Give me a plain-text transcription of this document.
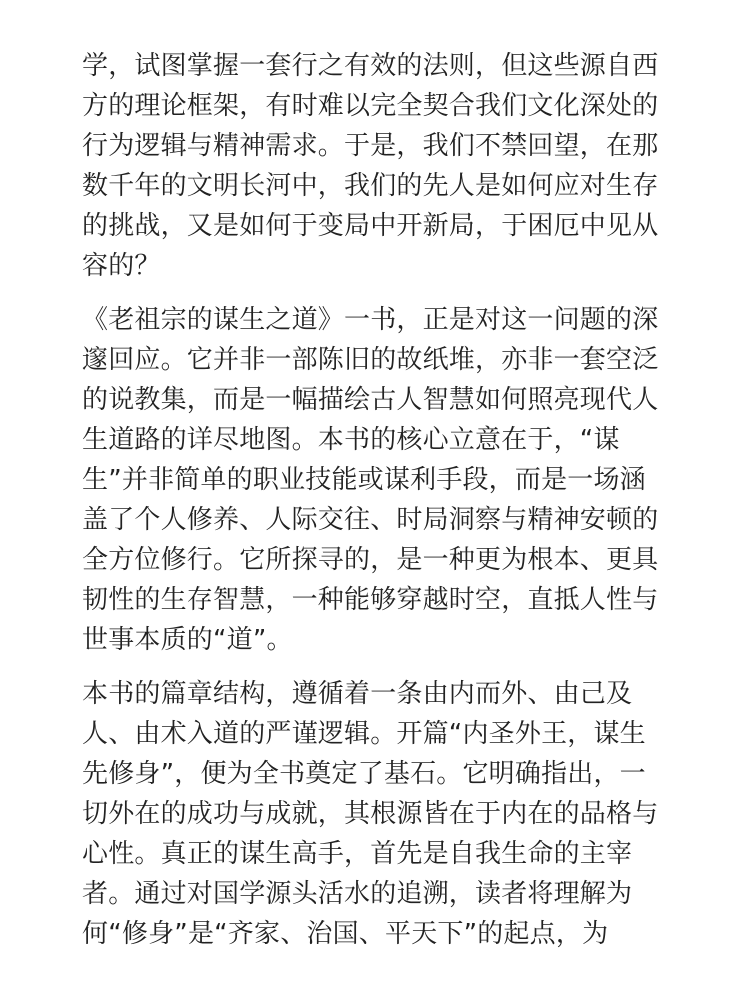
学，试图掌握一套行之有效的法则，但这些源自西
方的理论框架，有时难以完全契合我们文化深处的
行为逻辑与精神需求。于是，我们不禁回望，在那
数千年的文明长河中，我们的先人是如何应对生存
的挑战，又是如何于变局中开新局，于困厄中见从
容的？

《老祖宗的谋生之道》一书，正是对这一问题的深
邃回应。它并非一部陈旧的故纸堆，亦非一套空泛
的说教集，而是一幅描绘古人智慧如何照亮现代人
生道路的详尽地图。本书的核心立意在于，“谋
生”并非简单的职业技能或谋利手段，而是一场涵
盖了个人修养、人际交往、时局洞察与精神安顿的
全方位修行。它所探寻的，是一种更为根本、更具
韧性的生存智慧，一种能够穿越时空，直抵人性与
世事本质的“道”。

本书的篇章结构，遵循着一条由内而外、由己及
人、由术入道的严谨逻辑。开篇“内圣外王，谋生
先修身”，便为全书奠定了基石。它明确指出，一
切外在的成功与成就，其根源皆在于内在的品格与
心性。真正的谋生高手，首先是自我生命的主宰
者。通过对国学源头活水的追溯，读者将理解为
何“修身”是“齐家、治国、平天下”的起点，为
